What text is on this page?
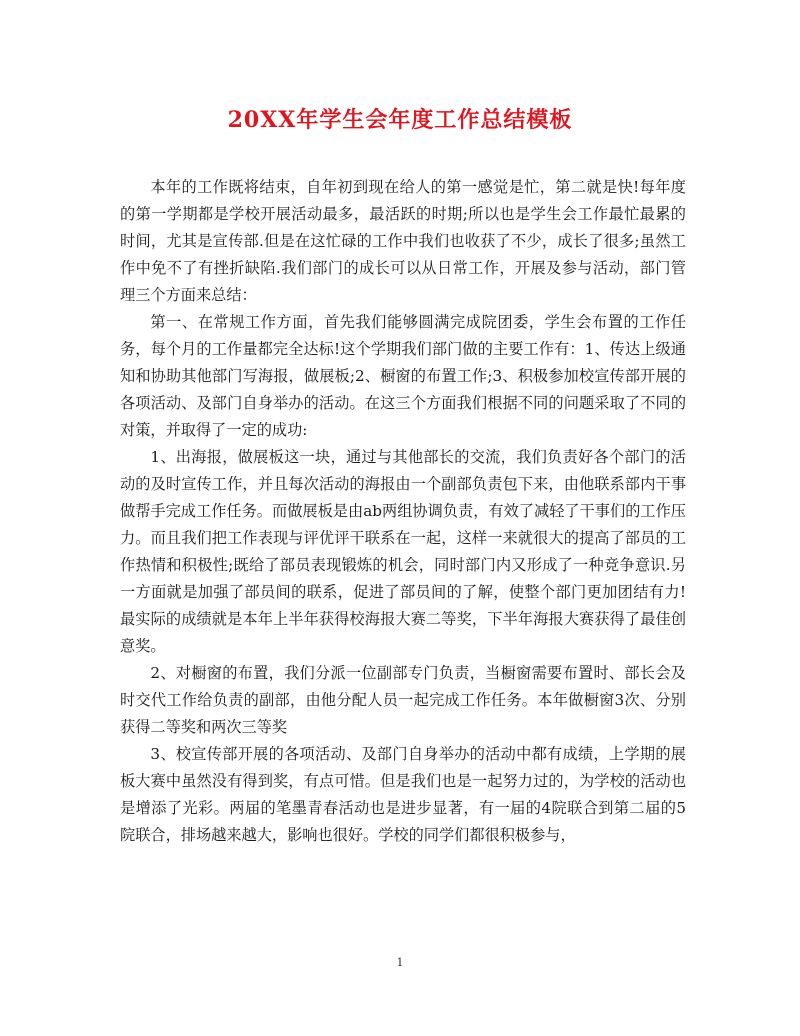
20XX年学生会年度工作总结模板

本年的工作既将结束，自年初到现在给人的第一感觉是忙，第二就是快!每年度的第一学期都是学校开展活动最多，最活跃的时期;所以也是学生会工作最忙最累的时间，尤其是宣传部.但是在这忙碌的工作中我们也收获了不少，成长了很多;虽然工作中免不了有挫折缺陷.我们部门的成长可以从日常工作，开展及参与活动，部门管理三个方面来总结：

第一、在常规工作方面，首先我们能够圆满完成院团委，学生会布置的工作任务，每个月的工作量都完全达标!这个学期我们部门做的主要工作有：1、传达上级通知和协助其他部门写海报，做展板;2、橱窗的布置工作;3、积极参加校宣传部开展的各项活动、及部门自身举办的活动。在这三个方面我们根据不同的问题采取了不同的对策，并取得了一定的成功:

1、出海报，做展板这一块，通过与其他部长的交流，我们负责好各个部门的活动的及时宣传工作，并且每次活动的海报由一个副部负责包下来，由他联系部内干事做帮手完成工作任务。而做展板是由ab两组协调负责，有效了减轻了干事们的工作压力。而且我们把工作表现与评优评干联系在一起，这样一来就很大的提高了部员的工作热情和积极性;既给了部员表现锻炼的机会，同时部门内又形成了一种竞争意识.另一方面就是加强了部员间的联系，促进了部员间的了解，使整个部门更加团结有力!最实际的成绩就是本年上半年获得校海报大赛二等奖，下半年海报大赛获得了最佳创意奖。

2、对橱窗的布置，我们分派一位副部专门负责，当橱窗需要布置时、部长会及时交代工作给负责的副部，由他分配人员一起完成工作任务。本年做橱窗3次、分别获得二等奖和两次三等奖

3、校宣传部开展的各项活动、及部门自身举办的活动中都有成绩，上学期的展板大赛中虽然没有得到奖，有点可惜。但是我们也是一起努力过的，为学校的活动也是增添了光彩。两届的笔墨青春活动也是进步显著，有一届的4院联合到第二届的5院联合，排场越来越大，影响也很好。学校的同学们都很积极参与，

1
